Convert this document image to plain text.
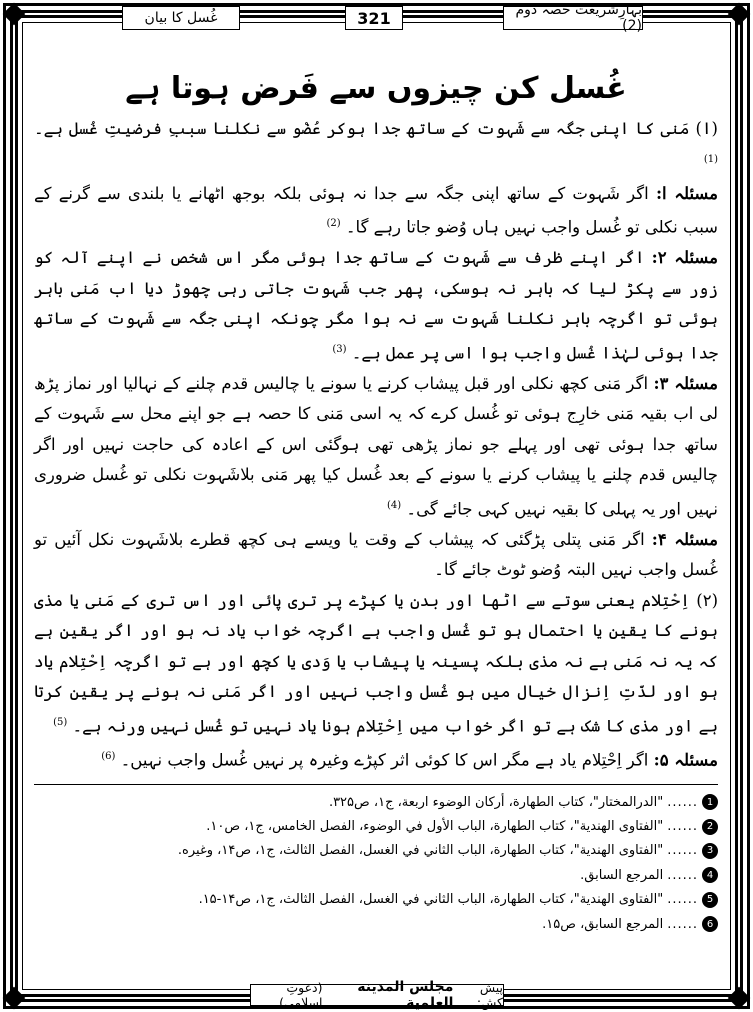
غُسل کا بیان	321	بہارِشریعت حصہ دوم (2)
غُسل کن چیزوں سے فَرض ہوتا ہے

(ا) مَنی کا اپنی جگہ سے شَہوت کے ساتھ جدا ہوکر عُضْو سے نکلنا سببِ فرضیتِ غُسل ہے۔ $^{(1)}$

مسئلہ ا: اگر شَہوت کے ساتھ اپنی جگہ سے جدا نہ ہوئی بلکہ بوجھ اٹھانے یا بلندی سے گرنے کے سبب نکلی تو غُسل واجب نہیں ہاں وُضو جاتا رہے گا۔ $^{(2)}$

مسئلہ ۲: اگر اپنے ظرف سے شَہوت کے ساتھ جدا ہوئی مگر اس شخص نے اپنے آلہ کو زور سے پکڑ لیا کہ باہر نہ ہوسکی، پھر جب شَہوت جاتی رہی چھوڑ دیا اب مَنی باہر ہوئی تو اگرچہ باہر نکلنا شَہوت سے نہ ہوا مگر چونکہ اپنی جگہ سے شَہوت کے ساتھ جدا ہوئی لہٰذا غُسل واجب ہوا اسی پر عمل ہے۔ $^{(3)}$

مسئلہ ۳: اگر مَنی کچھ نکلی اور قبل پیشاب کرنے یا سونے یا چالیس قدم چلنے کے نہالیا اور نماز پڑھ لی اب بقیہ مَنی خارِج ہوئی تو غُسل کرے کہ یہ اسی مَنی کا حصہ ہے جو اپنے محل سے شَہوت کے ساتھ جدا ہوئی تھی اور پہلے جو نماز پڑھی تھی ہوگئی اس کے اعادہ کی حاجت نہیں اور اگر چالیس قدم چلنے یا پیشاب کرنے یا سونے کے بعد غُسل کیا پھر مَنی بلاشَہوت نکلی تو غُسل ضروری نہیں اور یہ پہلی کا بقیہ نہیں کہی جائے گی۔ $^{(4)}$

مسئلہ ۴: اگر مَنی پتلی پڑگئی کہ پیشاب کے وقت یا ویسے ہی کچھ قطرے بلاشَہوت نکل آئیں تو غُسل واجب نہیں البتہ وُضو ٹوٹ جائے گا۔

(۲) اِحْتِلام یعنی سوتے سے اٹھا اور بدن یا کپڑے پر تری پائی اور اس تری کے مَنی یا مذی ہونے کا یقین یا احتمال ہو تو غُسل واجب ہے اگرچہ خواب یاد نہ ہو اور اگر یقین ہے کہ یہ نہ مَنی ہے نہ مذی بلکہ پسینہ یا پیشاب یا وَدی یا کچھ اور ہے تو اگرچہ اِحْتِلام یاد ہو اور لذّتِ اِنزال خیال میں ہو غُسل واجب نہیں اور اگر مَنی نہ ہونے پر یقین کرتا ہے اور مذی کا شک ہے تو اگر خواب میں اِحْتِلام ہونا یاد نہیں تو غُسل نہیں ورنہ ہے۔ $^{(5)}$

مسئلہ ۵: اگر اِحْتِلام یاد ہے مگر اس کا کوئی اثر کپڑے وغیرہ پر نہیں غُسل واجب نہیں۔ $^{(6)}$

1
......
"الدرالمختار"، كتاب الطهارة، أركان الوضوء اربعة، ج۱، ص۳۲۵.
2
......
"الفتاوى الهندية"، كتاب الطهارة، الباب الأول في الوضوء، الفصل الخامس، ج۱، ص۱۰.
3
......
"الفتاوى الهندية"، كتاب الطهارة، الباب الثاني في الغسل، الفصل الثالث، ج۱، ص۱۴، وغيره.
4
......
المرجع السابق.
5
......
"الفتاوى الهندية"، كتاب الطهارة، الباب الثاني في الغسل، الفصل الثالث، ج۱، ص۱۴-۱۵.
6
......
المرجع السابق، ص۱۵.
پیش کش:
مجلس المدينة العلمية
(دعوتِ اسلامی)
